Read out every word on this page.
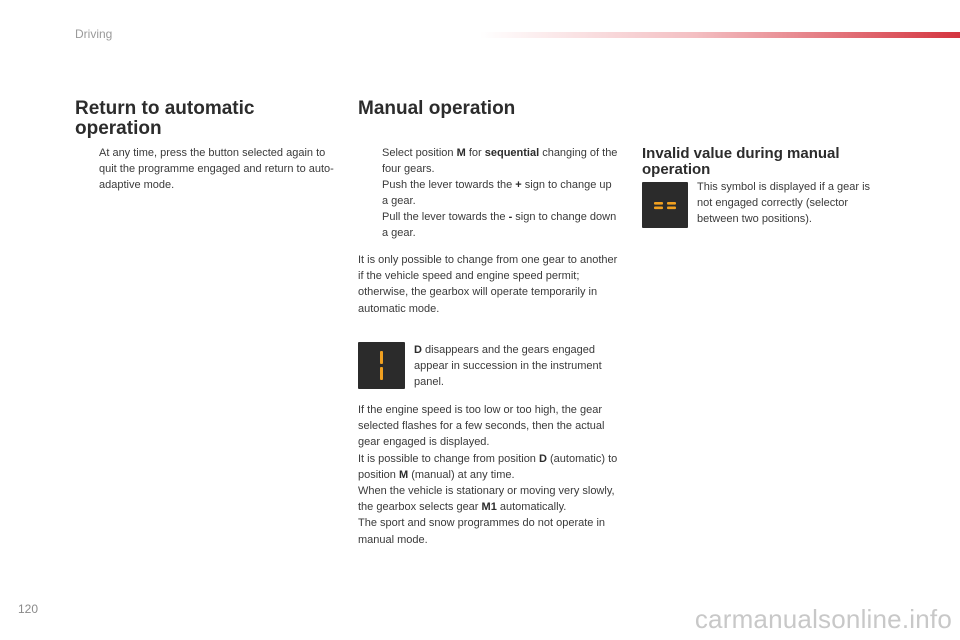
Driving
Return to automatic operation
At any time, press the button selected again to quit the programme engaged and return to auto-adaptive mode.
Manual operation
Select position M for sequential changing of the four gears.
Push the lever towards the + sign to change up a gear.
Pull the lever towards the - sign to change down a gear.
It is only possible to change from one gear to another if the vehicle speed and engine speed permit; otherwise, the gearbox will operate temporarily in automatic mode.
D disappears and the gears engaged appear in succession in the instrument panel.
If the engine speed is too low or too high, the gear selected flashes for a few seconds, then the actual gear engaged is displayed.
It is possible to change from position D (automatic) to position M (manual) at any time.
When the vehicle is stationary or moving very slowly, the gearbox selects gear M1 automatically.
The sport and snow programmes do not operate in manual mode.
Invalid value during manual operation
This symbol is displayed if a gear is not engaged correctly (selector between two positions).
120	carmanualsonline.info
